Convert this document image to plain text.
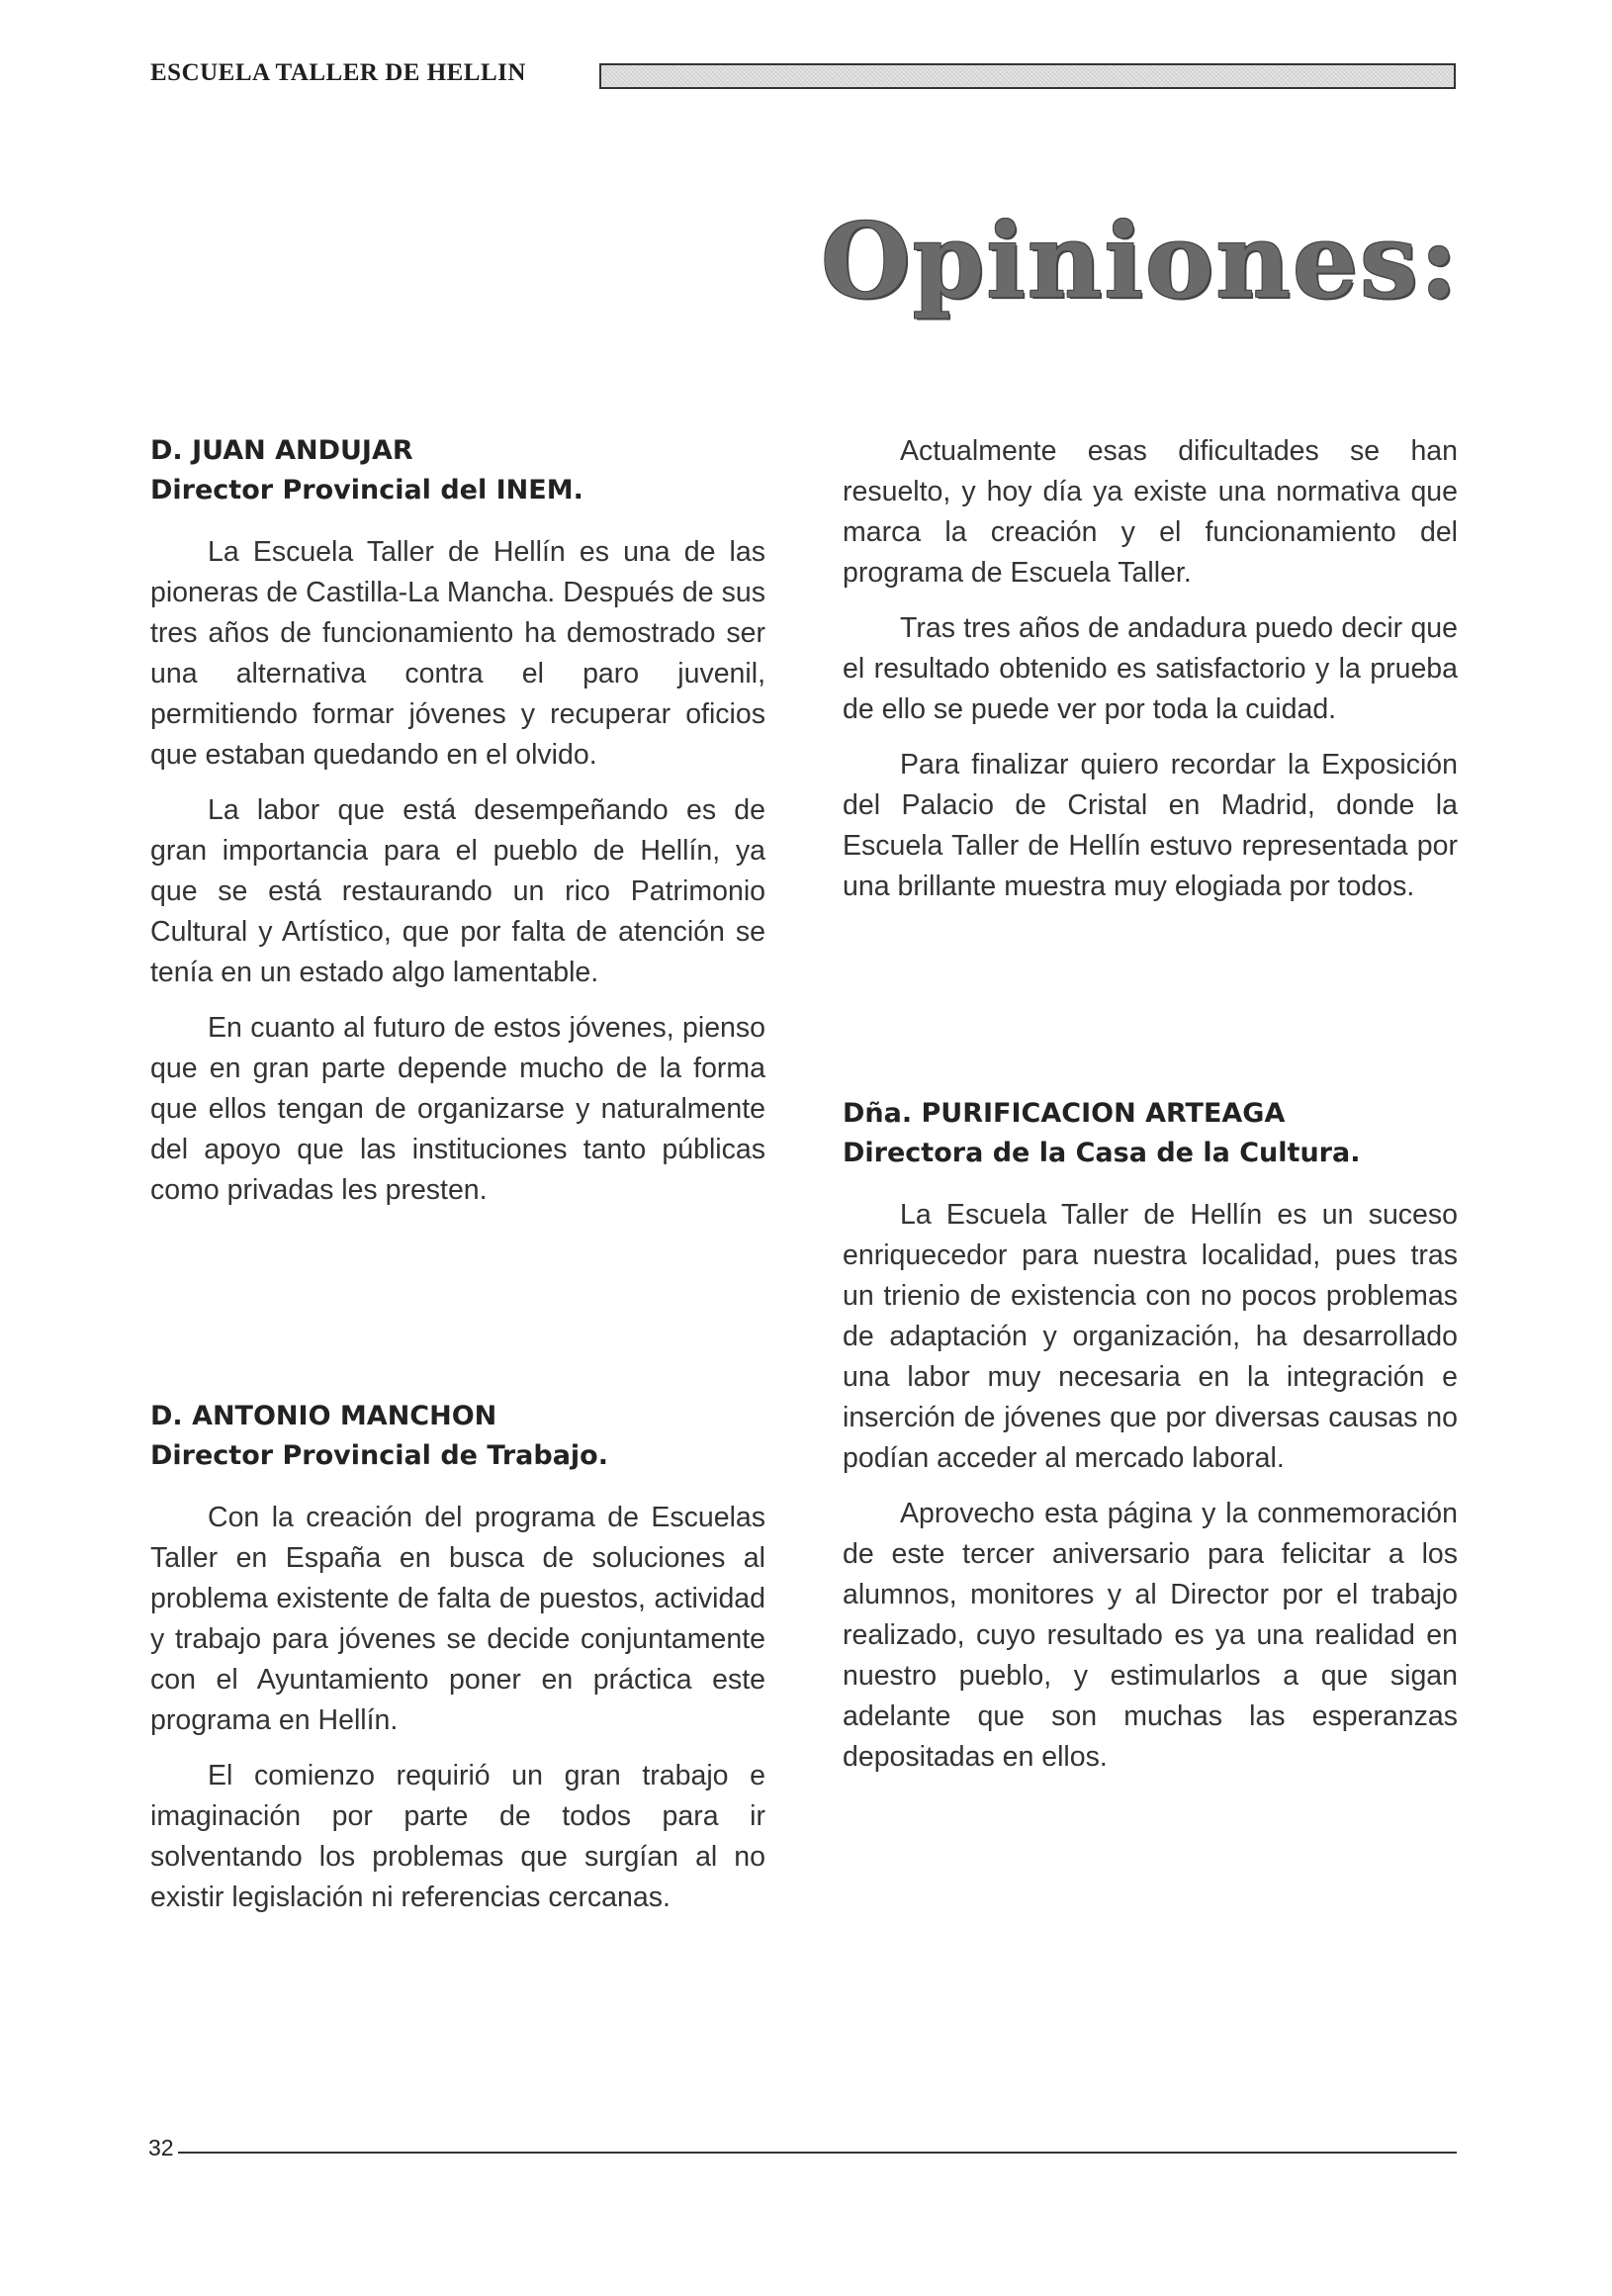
ESCUELA TALLER DE HELLIN
Opiniones:
D. JUAN ANDUJAR
Director Provincial del INEM.

La Escuela Taller de Hellín es una de las pioneras de Castilla-La Mancha. Después de sus tres años de funcionamiento ha demostrado ser una alternativa contra el paro juvenil, permitiendo formar jóvenes y recuperar oficios que estaban quedando en el olvido.

La labor que está desempeñando es de gran importancia para el pueblo de Hellín, ya que se está restaurando un rico Patrimonio Cultural y Artístico, que por falta de atención se tenía en un estado algo lamentable.

En cuanto al futuro de estos jóvenes, pienso que en gran parte depende mucho de la forma que ellos tengan de organizarse y naturalmente del apoyo que las instituciones tanto públicas como privadas les presten.

D. ANTONIO MANCHON
Director Provincial de Trabajo.

Con la creación del programa de Escuelas Taller en España en busca de soluciones al problema existente de falta de puestos, actividad y trabajo para jóvenes se decide conjuntamente con el Ayuntamiento poner en práctica este programa en Hellín.

El comienzo requirió un gran trabajo e imaginación por parte de todos para ir solventando los problemas que surgían al no existir legislación ni referencias cercanas.

Actualmente esas dificultades se han resuelto, y hoy día ya existe una normativa que marca la creación y el funcionamiento del programa de Escuela Taller.

Tras tres años de andadura puedo decir que el resultado obtenido es satisfactorio y la prueba de ello se puede ver por toda la cuidad.

Para finalizar quiero recordar la Exposición del Palacio de Cristal en Madrid, donde la Escuela Taller de Hellín estuvo representada por una brillante muestra muy elogiada por todos.

Dña. PURIFICACION ARTEAGA
Directora de la Casa de la Cultura.

La Escuela Taller de Hellín es un suceso enriquecedor para nuestra localidad, pues tras un trienio de existencia con no pocos problemas de adaptación y organización, ha desarrollado una labor muy necesaria en la integración e inserción de jóvenes que por diversas causas no podían acceder al mercado laboral.

Aprovecho esta página y la conmemoración de este tercer aniversario para felicitar a los alumnos, monitores y al Director por el trabajo realizado, cuyo resultado es ya una realidad en nuestro pueblo, y estimularlos a que sigan adelante que son muchas las esperanzas depositadas en ellos.

32
